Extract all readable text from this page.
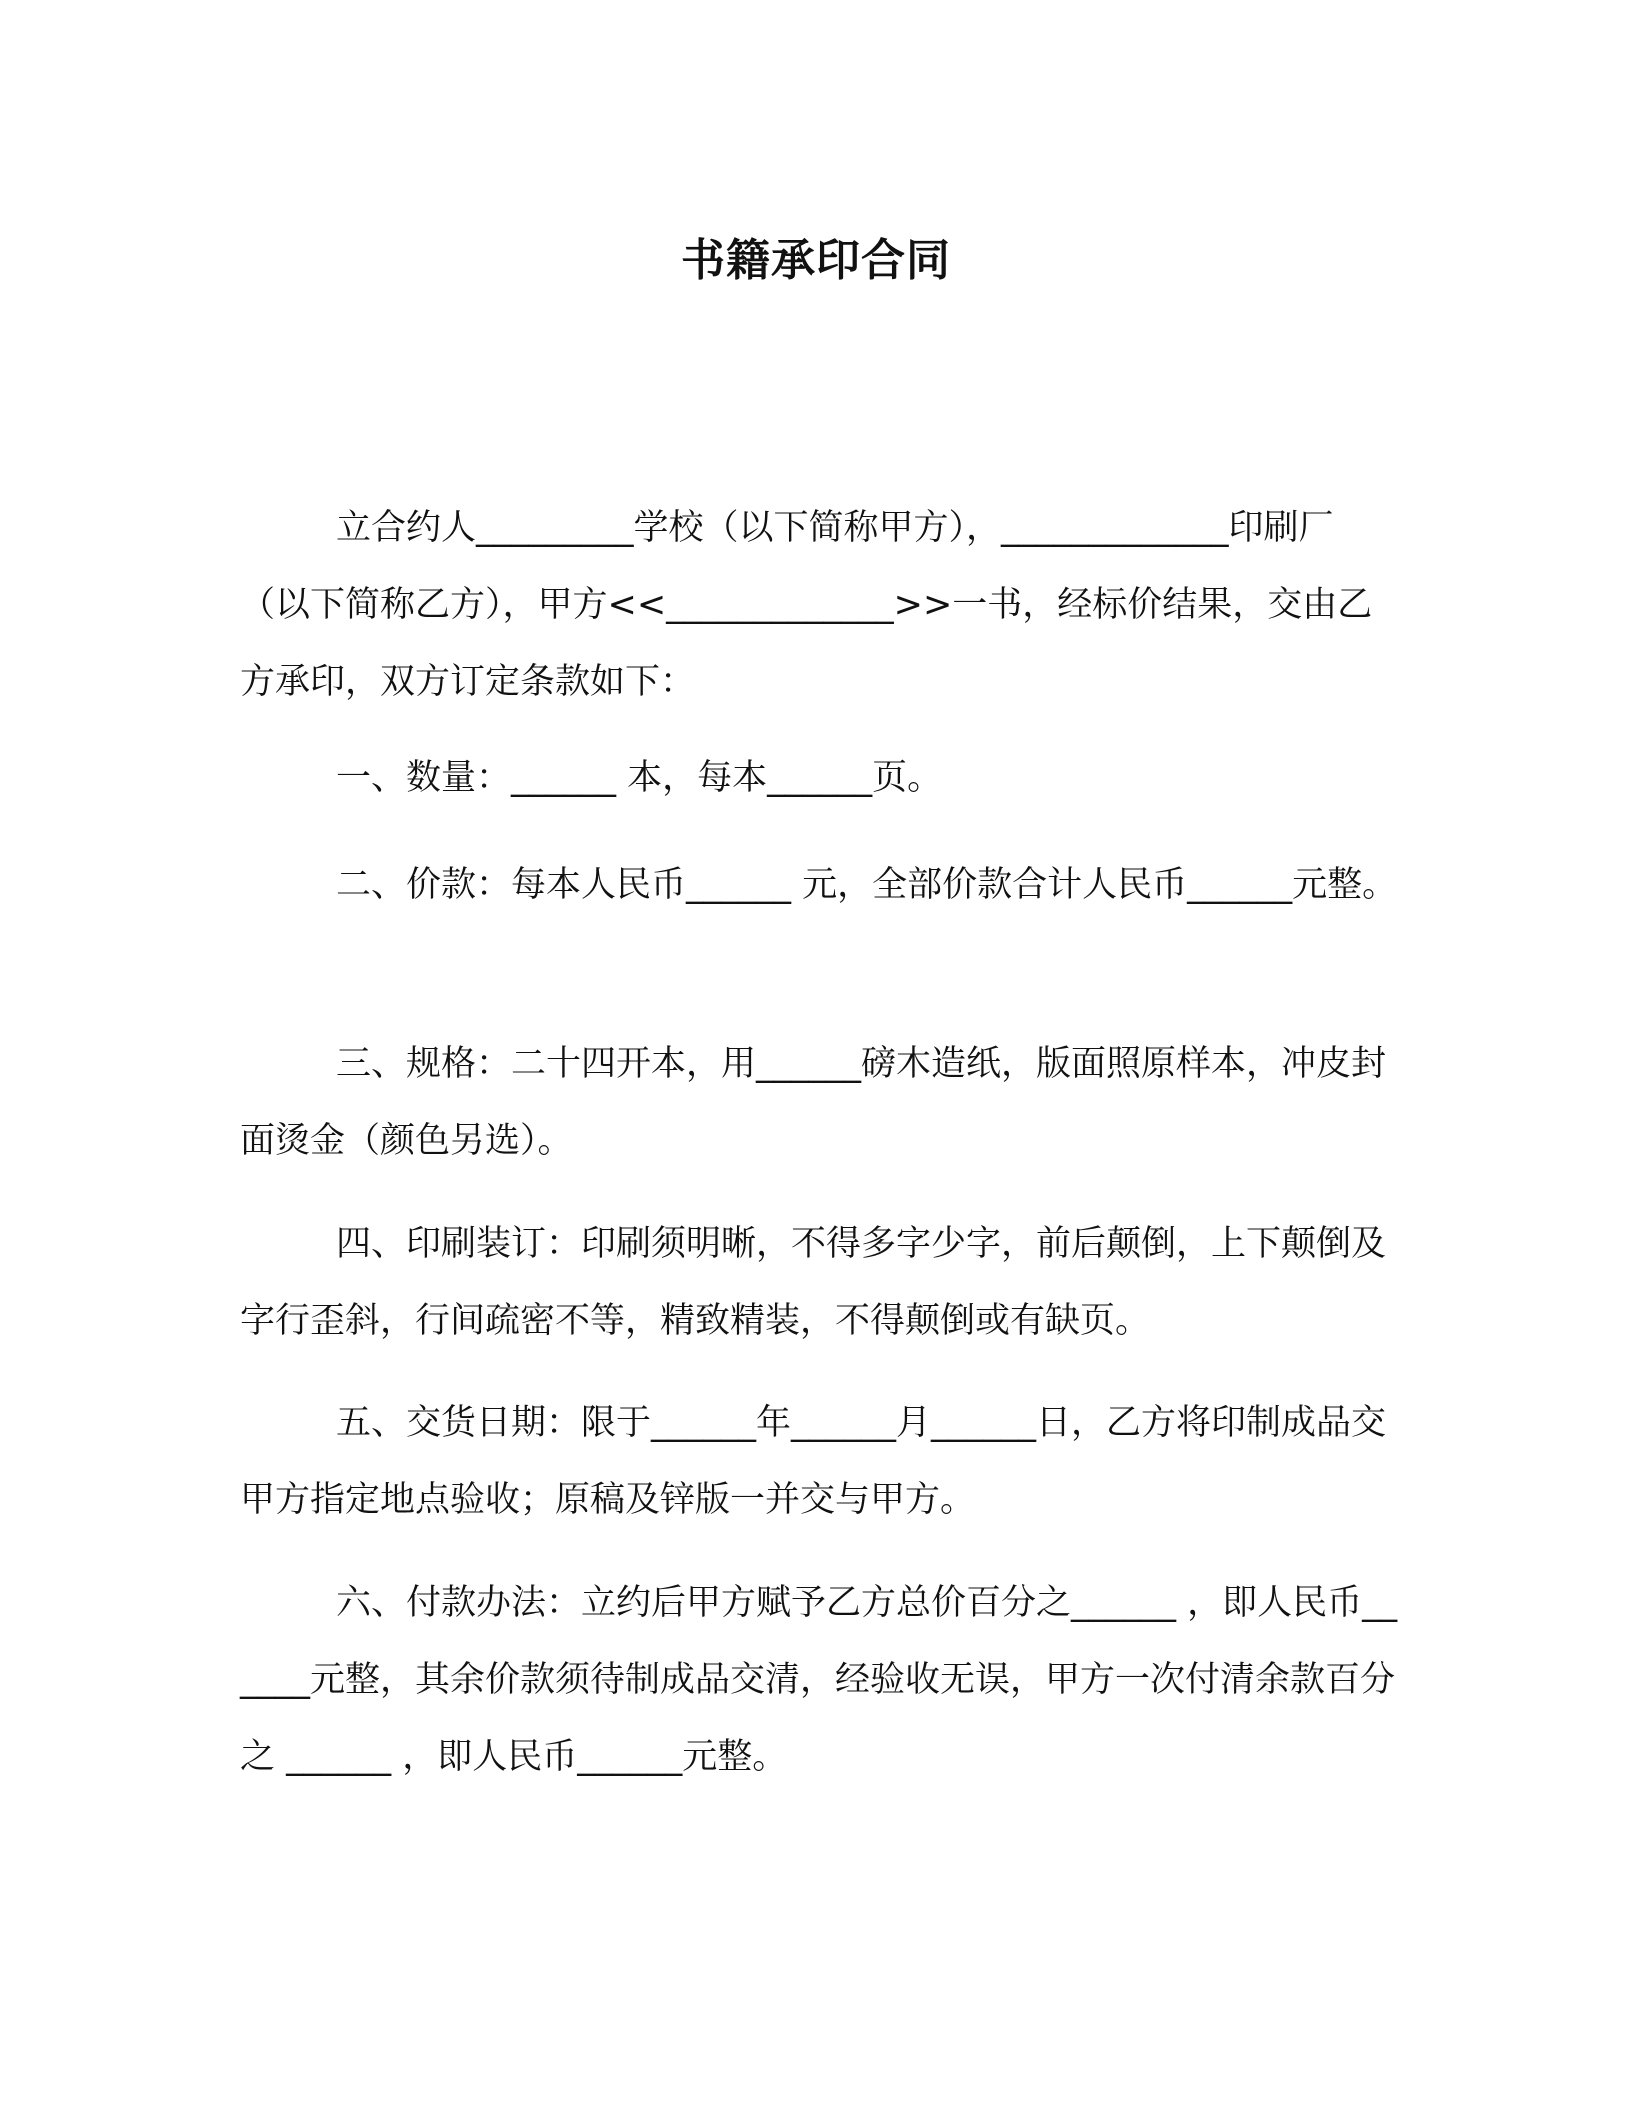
书籍承印合同

立合约人_________学校（以下简称甲方），_____________印刷厂（以下简称乙方），甲方<<_____________>>一书，经标价结果，交由乙方承印，双方订定条款如下：

一、数量：______ 本，每本______页。

二、价款：每本人民币______ 元，全部价款合计人民币______元整。

三、规格：二十四开本，用______磅木造纸，版面照原样本，冲皮封面烫金（颜色另选）。

四、印刷装订：印刷须明晰，不得多字少字，前后颠倒，上下颠倒及字行歪斜，行间疏密不等，精致精装，不得颠倒或有缺页。

五、交货日期：限于______年______月______日，乙方将印制成品交甲方指定地点验收；原稿及锌版一并交与甲方。

六、付款办法：立约后甲方赋予乙方总价百分之______ ，即人民币______元整，其余价款须待制成品交清，经验收无误，甲方一次付清余款百分之 ______ ，即人民币______元整。
